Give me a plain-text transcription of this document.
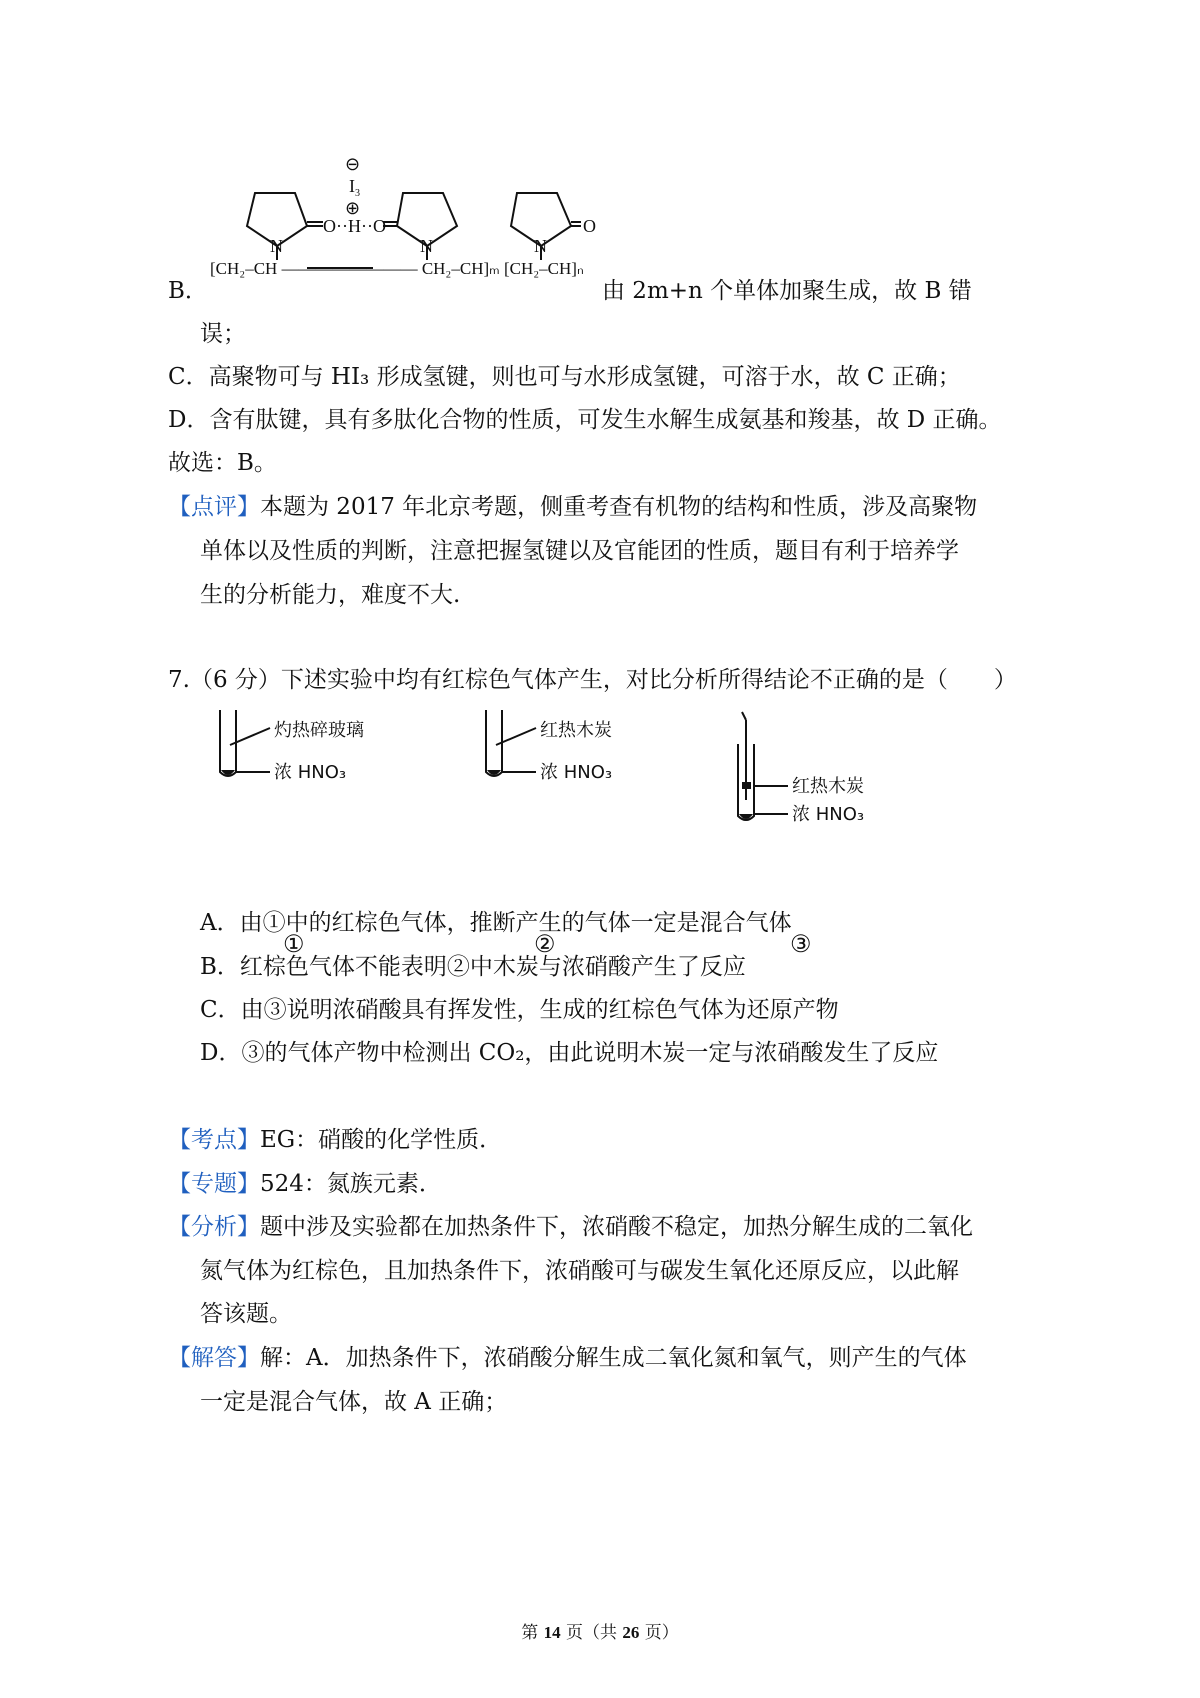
B．
⊖
I 3
⊕
N
O··H··O
N	N
O
[CH₂–CH ———————— CH₂–CH]ₘ [CH₂–CH]ₙ
由 2m+n 个单体加聚生成，故 B 错
误；
C．高聚物可与 HI₃ 形成氢键，则也可与水形成氢键，可溶于水，故 C 正确；
D．含有肽键，具有多肽化合物的性质，可发生水解生成氨基和羧基，故 D 正确。
故选：B。
【点评】本题为 2017 年北京考题，侧重考查有机物的结构和性质，涉及高聚物
单体以及性质的判断，注意把握氢键以及官能团的性质，题目有利于培养学
生的分析能力，难度不大.
7.（6 分）下述实验中均有红棕色气体产生，对比分析所得结论不正确的是（　　）
灼热碎玻璃
浓 HNO₃
红热木炭
浓 HNO₃
红热木炭
浓 HNO₃
①	②	③
A．由①中的红棕色气体，推断产生的气体一定是混合气体
B．红棕色气体不能表明②中木炭与浓硝酸产生了反应
C．由③说明浓硝酸具有挥发性，生成的红棕色气体为还原产物
D．③的气体产物中检测出 CO₂，由此说明木炭一定与浓硝酸发生了反应
【考点】EG：硝酸的化学性质．
【专题】524：氮族元素．
【分析】题中涉及实验都在加热条件下，浓硝酸不稳定，加热分解生成的二氧化
氮气体为红棕色，且加热条件下，浓硝酸可与碳发生氧化还原反应，以此解
答该题。
【解答】解：A．加热条件下，浓硝酸分解生成二氧化氮和氧气，则产生的气体
一定是混合气体，故 A 正确；
第 14 页（共 26 页）
